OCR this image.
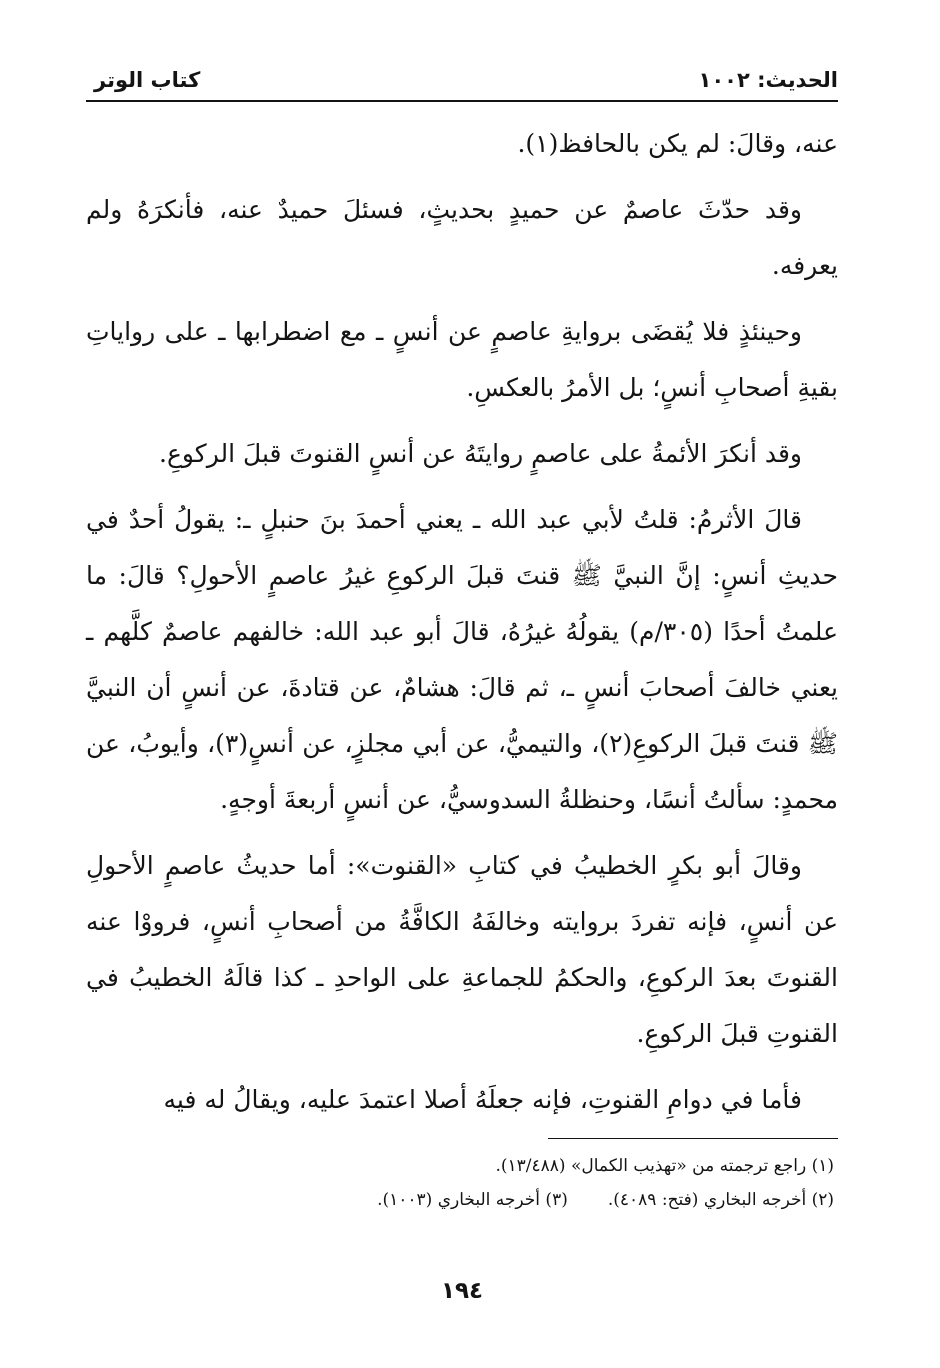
الحديث: ١٠٠٢
كتاب الوتر

عنه، وقالَ: لم يكن بالحافظ(١).

وقد حدّثَ عاصمٌ عن حميدٍ بحديثٍ، فسئلَ حميدٌ عنه، فأنكرَهُ ولم يعرفه.

وحينئذٍ فلا يُقضَى بروايةِ عاصمٍ عن أنسٍ ـ مع اضطرابها ـ على رواياتِ بقيةِ أصحابِ أنسٍ؛ بل الأمرُ بالعكسِ.

وقد أنكرَ الأئمةُ على عاصمٍ روايتَهُ عن أنسٍ القنوتَ قبلَ الركوعِ.

قالَ الأثرمُ: قلتُ لأبي عبد الله ـ يعني أحمدَ بنَ حنبلٍ ـ: يقولُ أحدٌ في حديثِ أنسٍ: إنَّ النبيَّ ﷺ قنتَ قبلَ الركوعِ غيرُ عاصمٍ الأحولِ؟ قالَ: ما علمتُ أحدًا (٣٠٥/م) يقولُهُ غيرُهُ، قالَ أبو عبد الله: خالفهم عاصمٌ كلَّهم ـ يعني خالفَ أصحابَ أنسٍ ـ، ثم قالَ: هشامٌ، عن قتادةَ، عن أنسٍ أن النبيَّ ﷺ قنتَ قبلَ الركوعِ(٢)، والتيميُّ، عن أبي مجلزٍ، عن أنسٍ(٣)، وأيوبُ، عن محمدٍ: سألتُ أنسًا، وحنظلةُ السدوسيُّ، عن أنسٍ أربعةَ أوجهٍ.

وقالَ أبو بكرٍ الخطيبُ في كتابِ «القنوت»: أما حديثُ عاصمٍ الأحولِ عن أنسٍ، فإنه تفردَ بروايته وخالفَهُ الكافَّةُ من أصحابِ أنسٍ، فرووْا عنه القنوتَ بعدَ الركوعِ، والحكمُ للجماعةِ على الواحدِ ـ كذا قالَهُ الخطيبُ في القنوتِ قبلَ الركوعِ.

فأما في دوامِ القنوتِ، فإنه جعلَهُ أصلا اعتمدَ عليه، ويقالُ له فيه

(١) راجع ترجمته من «تهذيب الكمال» (١٣/٤٨٨).
(٢) أخرجه البخاري (فتح: ٤٠٨٩).
(٣) أخرجه البخاري (١٠٠٣).
١٩٤
